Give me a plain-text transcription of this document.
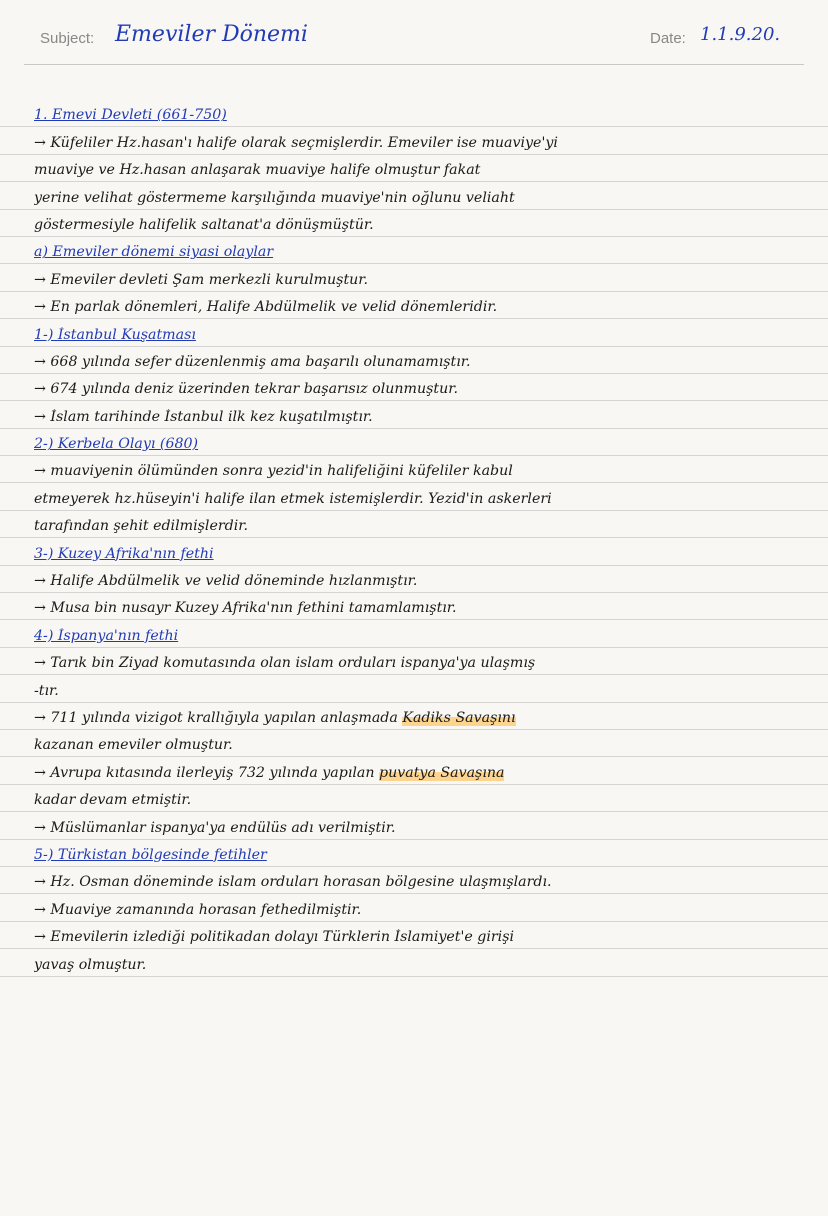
Subject: Emeviler Dönemi	Date: 1.1.9.20.
1. Emevi Devleti (661-750)
→ Küfeliler Hz.hasan'ı halife olarak seçmişlerdir. Emeviler ise muaviye'yi
muaviye ve Hz.hasan anlaşarak muaviye halife olmuştur fakat
yerine velihat göstermeme karşılığında muaviye'nin oğlunu veliaht
göstermesiyle halifelik saltanat'a dönüşmüştür.
a) Emeviler dönemi siyasi olaylar
→ Emeviler devleti Şam merkezli kurulmuştur.
→ En parlak dönemleri, Halife Abdülmelik ve velid dönemleridir.
1-) İstanbul Kuşatması
→ 668 yılında sefer düzenlenmiş ama başarılı olunamamıştır.
→ 674 yılında deniz üzerinden tekrar başarısız olunmuştur.
→ İslam tarihinde İstanbul ilk kez kuşatılmıştır.
2-) Kerbela Olayı (680)
→ muaviyenin ölümünden sonra yezid'in halifeliğini küfeliler kabul
etmeyerek hz.hüseyin'i halife ilan etmek istemişlerdir. Yezid'in askerleri
tarafından şehit edilmişlerdir.
3-) Kuzey Afrika'nın fethi
→ Halife Abdülmelik ve velid döneminde hızlanmıştır.
→ Musa bin nusayr Kuzey Afrika'nın fethini tamamlamıştır.
4-) İspanya'nın fethi
→ Tarık bin Ziyad komutasında olan islam orduları ispanya'ya ulaşmış
-tır.
→ 711 yılında vizigot krallığıyla yapılan anlaşmada Kadiks Savaşını
kazanan emeviler olmuştur.
→ Avrupa kıtasında ilerleyiş 732 yılında yapılan puvatya Savaşına
kadar devam etmiştir.
→ Müslümanlar ispanya'ya endülüs adı verilmiştir.
5-) Türkistan bölgesinde fetihler
→ Hz. Osman döneminde islam orduları horasan bölgesine ulaşmışlardı.
→ Muaviye zamanında horasan fethedilmiştir.
→ Emevilerin izlediği politikadan dolayı Türklerin İslamiyet'e girişi
yavaş olmuştur.
